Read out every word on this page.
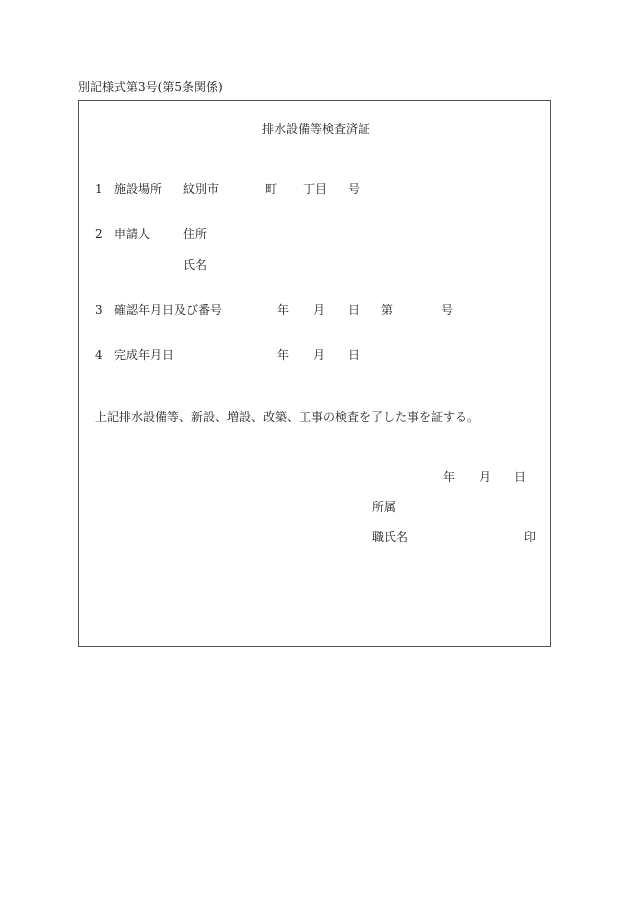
別記様式第3号(第5条関係)
排水設備等検査済証
1 施設場所 紋別市	町 丁目 号
2 申請人	住所
氏名
3 確認年月日及び番号	年 月 日 第	号
4 完成年月日	年 月 日
上記排水設備等、新設、増設、改築、工事の検査を了した事を証する。
年 月 日
所属
職氏名	印
